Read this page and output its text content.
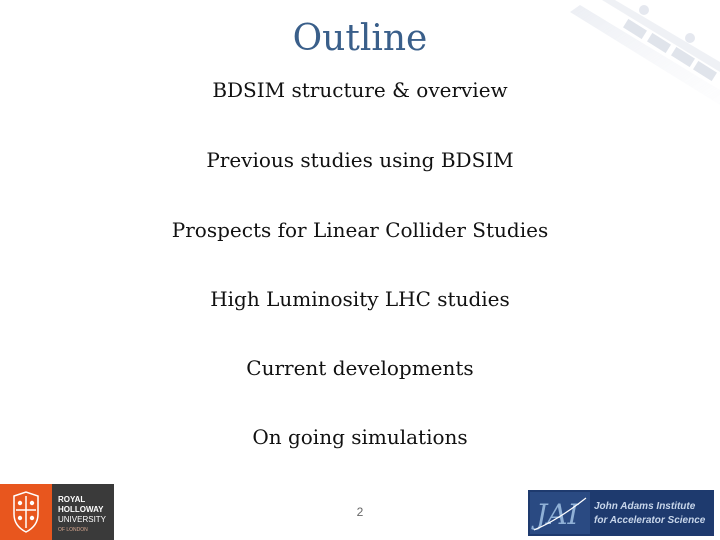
Outline
BDSIM structure & overview
Previous studies using BDSIM
Prospects for Linear Collider Studies
High Luminosity LHC studies
Current developments
On going simulations
2
ROYAL
HOLLOWAY
UNIVERSITY
OF LONDON	JAI John Adams Institute
for Accelerator Science
